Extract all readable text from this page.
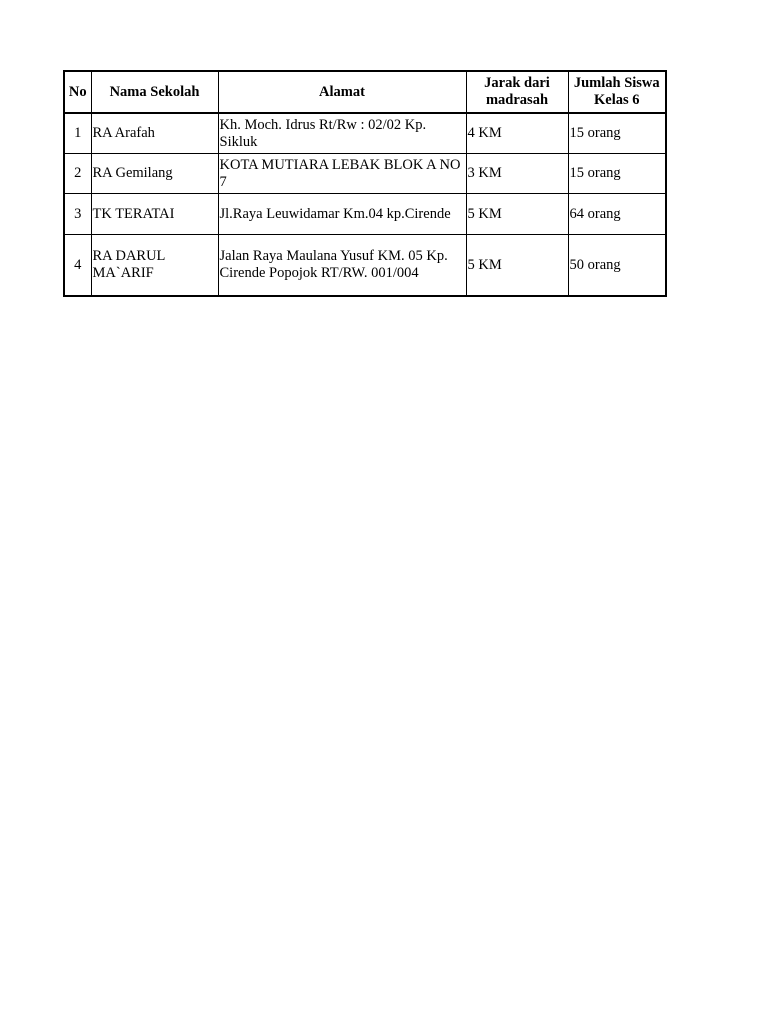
No	Nama Sekolah	Alamat	Jarak dari madrasah	Jumlah Siswa Kelas 6
1	RA Arafah	Kh. Moch. Idrus Rt/Rw : 02/02 Kp. Sikluk	4 KM	15 orang
2	RA Gemilang	KOTA MUTIARA LEBAK BLOK A NO 7	3 KM	15 orang
3	TK TERATAI	Jl.Raya Leuwidamar Km.04 kp.Cirende	5 KM	64 orang
4	RA DARUL MA`ARIF	Jalan Raya Maulana Yusuf KM. 05 Kp. Cirende Popojok RT/RW. 001/004	5 KM	50 orang
